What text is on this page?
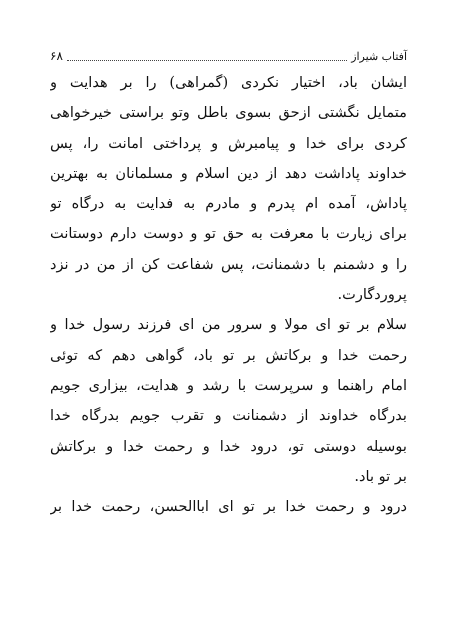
۶۸	آفتاب شیراز

ایشان باد، اختیار نکردی (گمراهی) را بر هدایت و
متمایل نگشتی ازحق بسوی باطل وتو براستی خیرخواهی
کردی برای خدا و پیامبرش و پرداختی امانت را، پس
خداوند پاداشت دهد از دین اسلام و مسلمانان به بهترین
پاداش، آمده ام پدرم و مادرم به فدایت به درگاه تو
برای زیارت با معرفت به حق تو و دوست دارم دوستانت
را و دشمنم با دشمنانت، پس شفاعت کن از من در نزد
پروردگارت.

سلام بر تو ای مولا و سرور من ای فرزند رسول خدا و
رحمت خدا و برکاتش بر تو باد، گواهی دهم که توئی
امام راهنما و سرپرست با رشد و هدایت، بیزاری جویم
بدرگاه خداوند از دشمنانت و تقرب جویم بدرگاه خدا
بوسیله دوستی تو، درود خدا و رحمت خدا و برکاتش
بر تو باد.

درود و رحمت خدا بر تو ای اباالحسن، رحمت خدا بر
